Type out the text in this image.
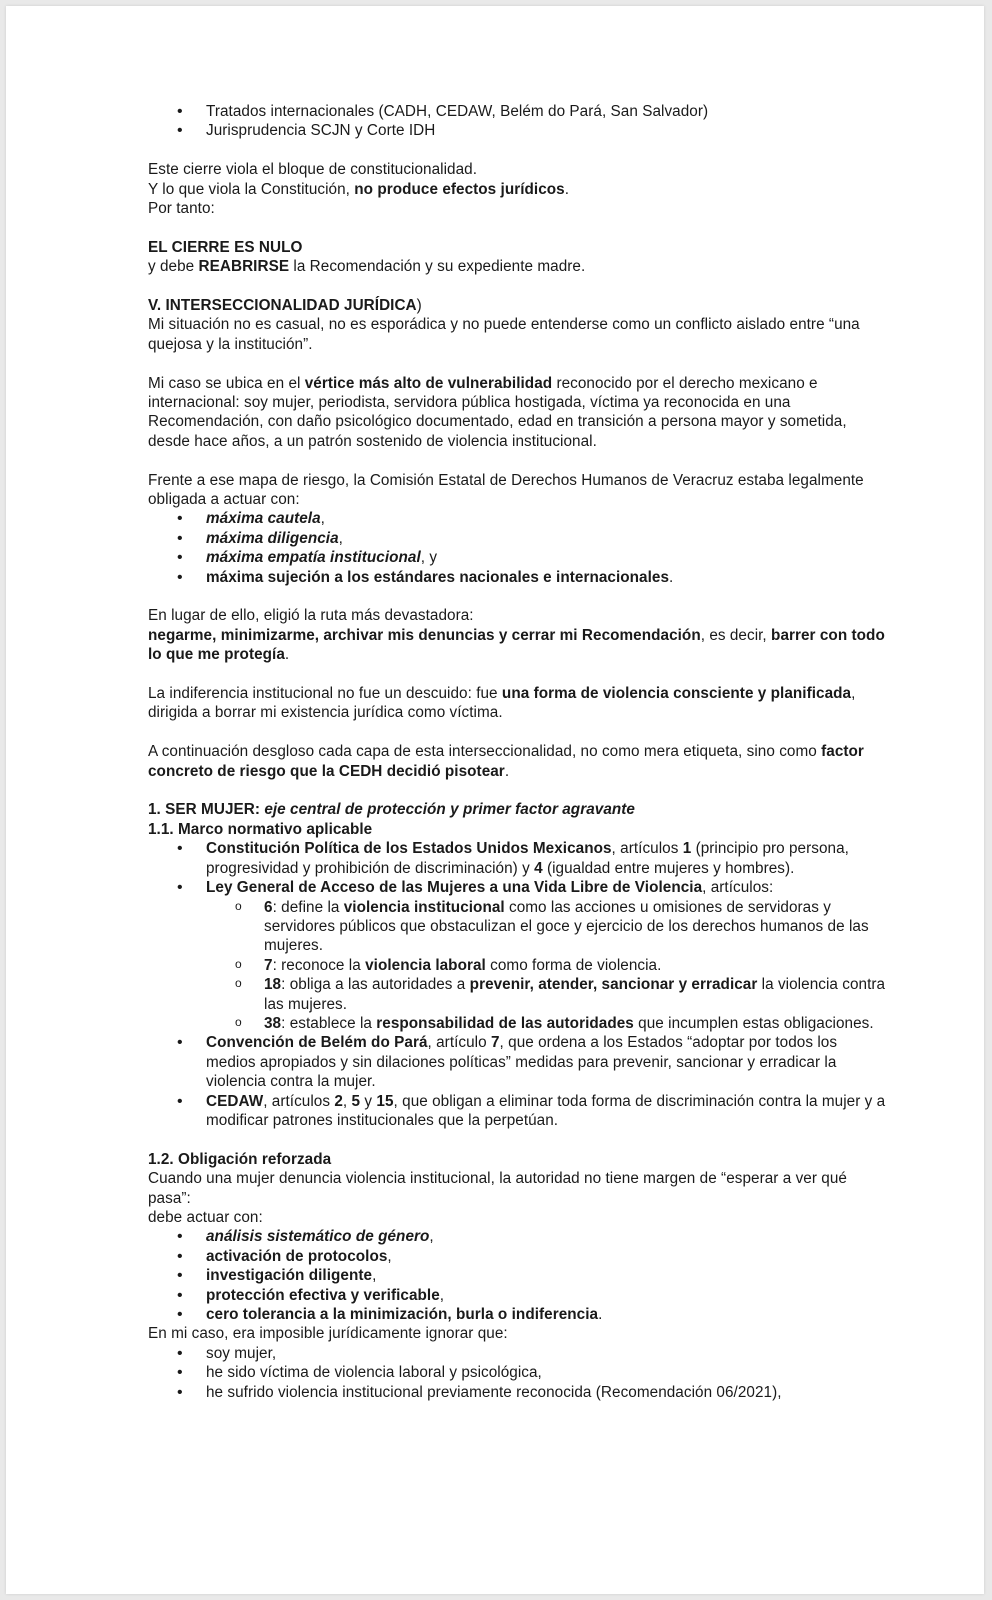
• Tratados internacionales (CADH, CEDAW, Belém do Pará, San Salvador)
• Jurisprudencia SCJN y Corte IDH

Este cierre viola el bloque de constitucionalidad.

Y lo que viola la Constitución, no produce efectos jurídicos.

Por tanto:

EL CIERRE ES NULO

y debe REABRIRSE la Recomendación y su expediente madre.

V. INTERSECCIONALIDAD JURÍDICA)

Mi situación no es casual, no es esporádica y no puede entenderse como un conflicto aislado entre “una quejosa y la institución”.

Mi caso se ubica en el vértice más alto de vulnerabilidad reconocido por el derecho mexicano e internacional: soy mujer, periodista, servidora pública hostigada, víctima ya reconocida en una Recomendación, con daño psicológico documentado, edad en transición a persona mayor y sometida, desde hace años, a un patrón sostenido de violencia institucional.

Frente a ese mapa de riesgo, la Comisión Estatal de Derechos Humanos de Veracruz estaba legalmente obligada a actuar con:

• máxima cautela,
• máxima diligencia,
• máxima empatía institucional, y
• máxima sujeción a los estándares nacionales e internacionales.

En lugar de ello, eligió la ruta más devastadora:

negarme, minimizarme, archivar mis denuncias y cerrar mi Recomendación, es decir, barrer con todo lo que me protegía.

La indiferencia institucional no fue un descuido: fue una forma de violencia consciente y planificada, dirigida a borrar mi existencia jurídica como víctima.

A continuación desgloso cada capa de esta interseccionalidad, no como mera etiqueta, sino como factor concreto de riesgo que la CEDH decidió pisotear.

1. SER MUJER: eje central de protección y primer factor agravante

1.1. Marco normativo aplicable

• Constitución Política de los Estados Unidos Mexicanos, artículos 1 (principio pro persona, progresividad y prohibición de discriminación) y 4 (igualdad entre mujeres y hombres).
• Ley General de Acceso de las Mujeres a una Vida Libre de Violencia, artículos:
o 6: define la violencia institucional como las acciones u omisiones de servidoras y servidores públicos que obstaculizan el goce y ejercicio de los derechos humanos de las mujeres.
o 7: reconoce la violencia laboral como forma de violencia.
o 18: obliga a las autoridades a prevenir, atender, sancionar y erradicar la violencia contra las mujeres.
o 38: establece la responsabilidad de las autoridades que incumplen estas obligaciones.
• Convención de Belém do Pará, artículo 7, que ordena a los Estados “adoptar por todos los medios apropiados y sin dilaciones políticas” medidas para prevenir, sancionar y erradicar la violencia contra la mujer.
• CEDAW, artículos 2, 5 y 15, que obligan a eliminar toda forma de discriminación contra la mujer y a modificar patrones institucionales que la perpetúan.

1.2. Obligación reforzada

Cuando una mujer denuncia violencia institucional, la autoridad no tiene margen de “esperar a ver qué pasa”:

debe actuar con:

• análisis sistemático de género,
• activación de protocolos,
• investigación diligente,
• protección efectiva y verificable,
• cero tolerancia a la minimización, burla o indiferencia.

En mi caso, era imposible jurídicamente ignorar que:

• soy mujer,
• he sido víctima de violencia laboral y psicológica,
• he sufrido violencia institucional previamente reconocida (Recomendación 06/2021),
